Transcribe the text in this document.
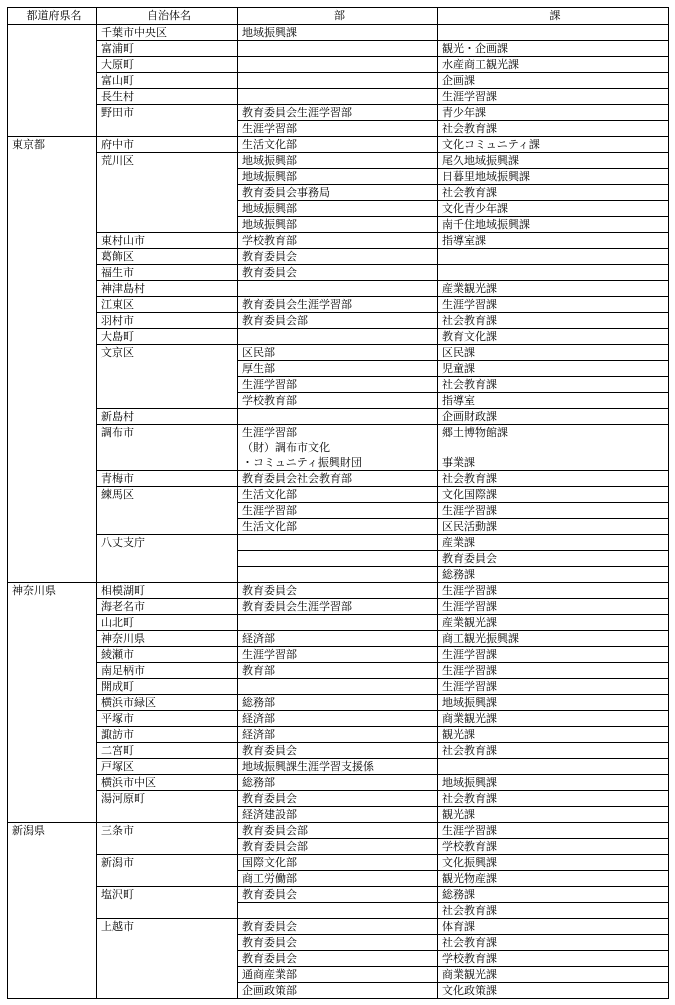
都道府県名	自治体名	部	課
	千葉市中央区	地域振興課	
	富浦町		観光・企画課
	大原町		水産商工観光課
	富山町		企画課
	長生村		生涯学習課
	野田市	教育委員会生涯学習部	青少年課
		生涯学習部	社会教育課
東京都	府中市	生活文化部	文化コミュニティ課
	荒川区	地域振興部	尾久地域振興課
		地域振興部	日暮里地域振興課
		教育委員会事務局	社会教育課
		地域振興部	文化青少年課
		地域振興部	南千住地域振興課
	東村山市	学校教育部	指導室課
	葛飾区	教育委員会	
	福生市	教育委員会	
	神津島村		産業観光課
	江東区	教育委員会生涯学習部	生涯学習課
	羽村市	教育委員会部	社会教育課
	大島町		教育文化課
	文京区	区民部	区民課
		厚生部	児童課
		生涯学習部	社会教育課
		学校教育部	指導室
	新島村		企画財政課
	調布市	生涯学習部	郷土博物館課
		（財）調布市文化	
		・コミュニティ振興財団	事業課
	青梅市	教育委員会社会教育部	社会教育課
	練馬区	生活文化部	文化国際課
		生涯学習部	生涯学習課
		生活文化部	区民活動課
	八丈支庁		産業課
			教育委員会
			総務課
神奈川県	相模湖町	教育委員会	生涯学習課
	海老名市	教育委員会生涯学習部	生涯学習課
	山北町		産業観光課
	神奈川県	経済部	商工観光振興課
	綾瀬市	生涯学習部	生涯学習課
	南足柄市	教育部	生涯学習課
	開成町		生涯学習課
	横浜市緑区	総務部	地域振興課
	平塚市	経済部	商業観光課
	諏訪市	経済部	観光課
	二宮町	教育委員会	社会教育課
	戸塚区	地域振興課生涯学習支援係	
	横浜市中区	総務部	地域振興課
	湯河原町	教育委員会	社会教育課
		経済建設部	観光課
新潟県	三条市	教育委員会部	生涯学習課
		教育委員会部	学校教育課
	新潟市	国際文化部	文化振興課
		商工労働部	観光物産課
	塩沢町	教育委員会	総務課
			社会教育課
	上越市	教育委員会	体育課
		教育委員会	社会教育課
		教育委員会	学校教育課
		通商産業部	商業観光課
		企画政策部	文化政策課
